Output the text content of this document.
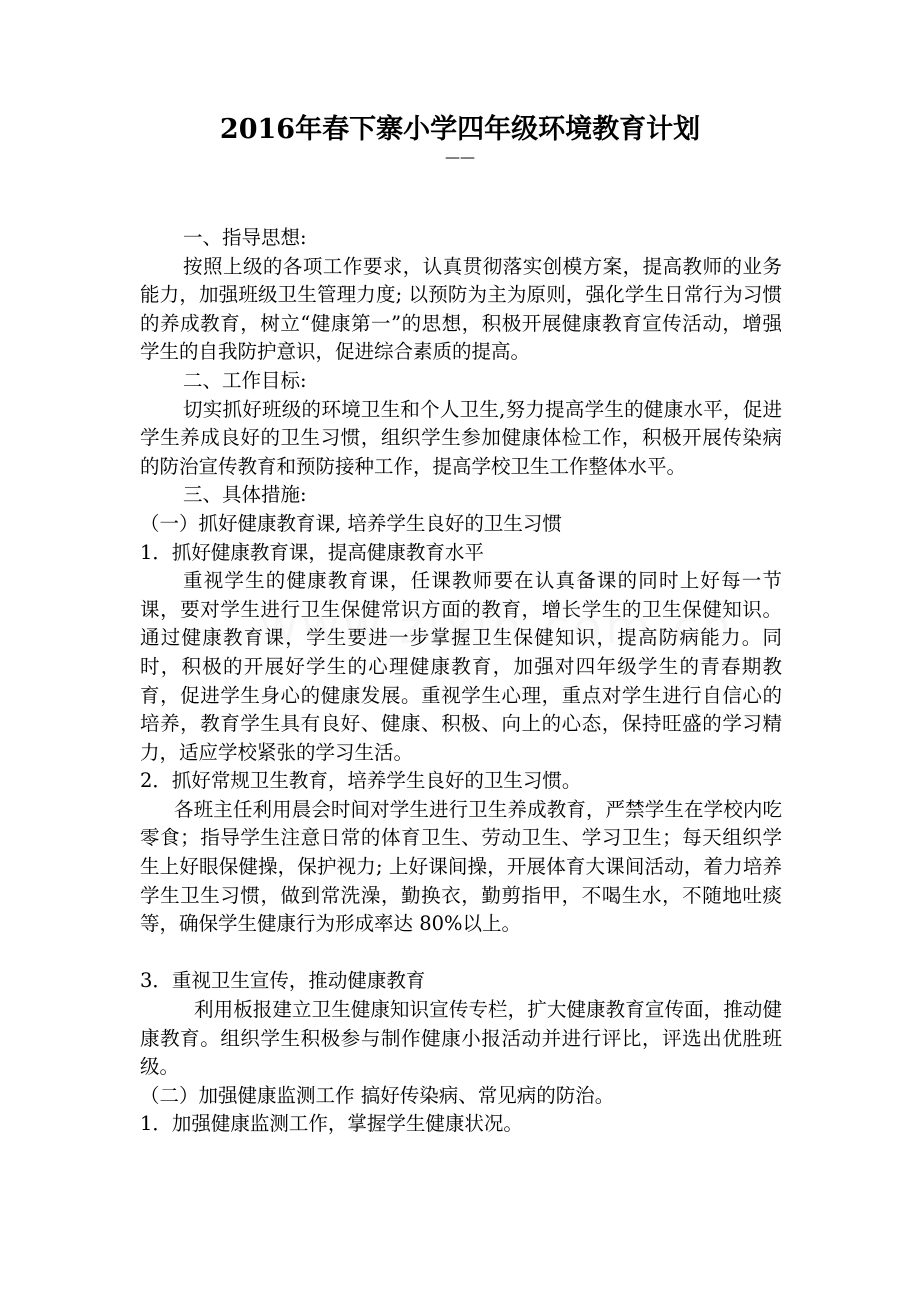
2016年春下寨小学四年级环境教育计划
——

一、指导思想:

按照上级的各项工作要求，认真贯彻落实创模方案，提高教师的业务能力，加强班级卫生管理力度; 以预防为主为原则，强化学生日常行为习惯的养成教育，树立“健康第一”的思想，积极开展健康教育宣传活动，增强学生的自我防护意识，促进综合素质的提高。

二、工作目标:

切实抓好班级的环境卫生和个人卫生,努力提高学生的健康水平，促进学生养成良好的卫生习惯，组织学生参加健康体检工作，积极开展传染病的防治宣传教育和预防接种工作，提高学校卫生工作整体水平。

三、具体措施:

（一）抓好健康教育课, 培养学生良好的卫生习惯

1．抓好健康教育课，提高健康教育水平

重视学生的健康教育课，任课教师要在认真备课的同时上好每一节课，要对学生进行卫生保健常识方面的教育，增长学生的卫生保健知识。通过健康教育课，学生要进一步掌握卫生保健知识，提高防病能力。同时，积极的开展好学生的心理健康教育，加强对四年级学生的青春期教育，促进学生身心的健康发展。重视学生心理，重点对学生进行自信心的培养，教育学生具有良好、健康、积极、向上的心态，保持旺盛的学习精力，适应学校紧张的学习生活。

2．抓好常规卫生教育，培养学生良好的卫生习惯。

各班主任利用晨会时间对学生进行卫生养成教育，严禁学生在学校内吃零食；指导学生注意日常的体育卫生、劳动卫生、学习卫生；每天组织学生上好眼保健操，保护视力; 上好课间操，开展体育大课间活动，着力培养学生卫生习惯，做到常洗澡，勤换衣，勤剪指甲，不喝生水，不随地吐痰等，确保学生健康行为形成率达 80%以上。

3．重视卫生宣传，推动健康教育

利用板报建立卫生健康知识宣传专栏，扩大健康教育宣传面，推动健康教育。组织学生积极参与制作健康小报活动并进行评比，评选出优胜班级。

（二）加强健康监测工作 搞好传染病、常见病的防治。

1．加强健康监测工作，掌握学生健康状况。
